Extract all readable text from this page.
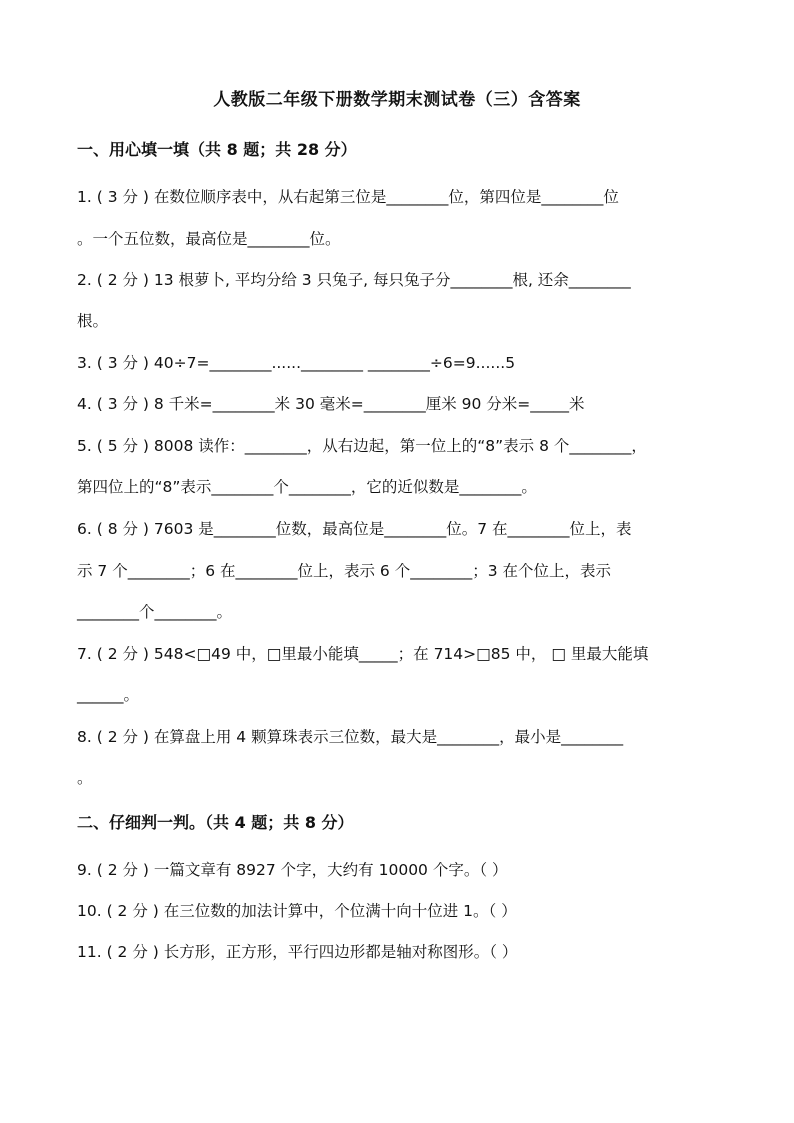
人教版二年级下册数学期末测试卷（三）含答案
一、用心填一填（共 8 题；共 28 分）
1. ( 3 分 ) 在数位顺序表中，从右起第三位是________位，第四位是________位
。一个五位数，最高位是________位。
2. ( 2 分 ) 13 根萝卜, 平均分给 3 只兔子, 每只兔子分________根, 还余________
根。
3. ( 3 分 ) 40÷7=________......________ ________÷6=9......5
4. ( 3 分 ) 8 千米=________米 30 毫米=________厘米 90 分米=_____米
5. ( 5 分 ) 8008 读作：________，从右边起，第一位上的“8”表示 8 个________，
第四位上的“8”表示________个________，它的近似数是________。
6. ( 8 分 ) 7603 是________位数，最高位是________位。7 在________位上，表
示 7 个________；6 在________位上，表示 6 个________；3 在个位上，表示
________个________。
7. ( 2 分 ) 548<□49 中，□里最小能填_____；在 714>□85 中， □ 里最大能填
______。
8. ( 2 分 ) 在算盘上用 4 颗算珠表示三位数，最大是________，最小是________
。
二、仔细判一判。（共 4 题；共 8 分）
9. ( 2 分 ) 一篇文章有 8927 个字，大约有 10000 个字。（ ）
10. ( 2 分 ) 在三位数的加法计算中，个位满十向十位进 1。（ ）
11. ( 2 分 ) 长方形，正方形，平行四边形都是轴对称图形。（ ）
